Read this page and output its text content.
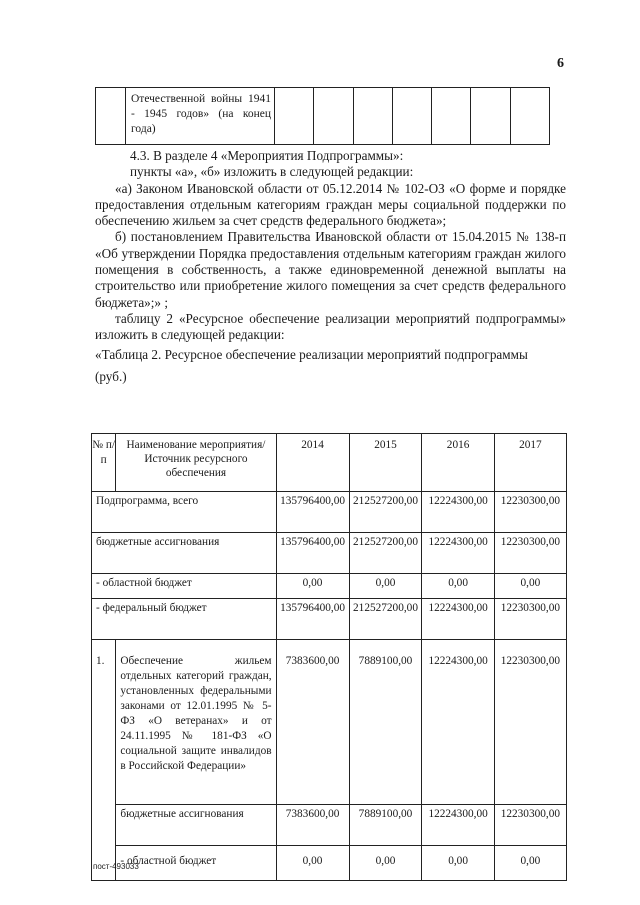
6
	Отечественной войны 1941 - 1945 годов» (на конец года)							

4.3. В разделе 4 «Мероприятия Подпрограммы»:

пункты «а», «б» изложить в следующей редакции:

«а) Законом Ивановской области от 05.12.2014 № 102-ОЗ «О форме и порядке предоставления отдельным категориям граждан меры социальной поддержки по обеспечению жильем за счет средств федерального бюджета»;

б) постановлением Правительства Ивановской области от 15.04.2015 № 138-п «Об утверждении Порядка предоставления отдельным категориям граждан жилого помещения в собственность, а также единовременной денежной выплаты на строительство или приобретение жилого помещения за счет средств федерального бюджета»;» ;

таблицу 2 «Ресурсное обеспечение реализации мероприятий подпрограммы» изложить в следующей редакции:

«Таблица 2. Ресурсное обеспечение реализации мероприятий подпрограммы

(руб.)

№ п/п	Наименование мероприятия/Источник ресурсного обеспечения	2014	2015	2016	2017
Подпрограмма, всего		135796400,00	212527200,00	12224300,00	12230300,00
бюджетные ассигнования		135796400,00	212527200,00	12224300,00	12230300,00
- областной бюджет		0,00	0,00	0,00	0,00
- федеральный бюджет		135796400,00	212527200,00	12224300,00	12230300,00
1.	Обеспечение жильем отдельных категорий граждан, установленных федеральными законами от 12.01.1995 № 5-ФЗ «О ветеранах» и от 24.11.1995 № 181-ФЗ «О социальной защите инвалидов в Российской Федерации»	7383600,00	7889100,00	12224300,00	12230300,00
	бюджетные ассигнования	7383600,00	7889100,00	12224300,00	12230300,00
	- областной бюджет	0,00	0,00	0,00	0,00
пост-493033
